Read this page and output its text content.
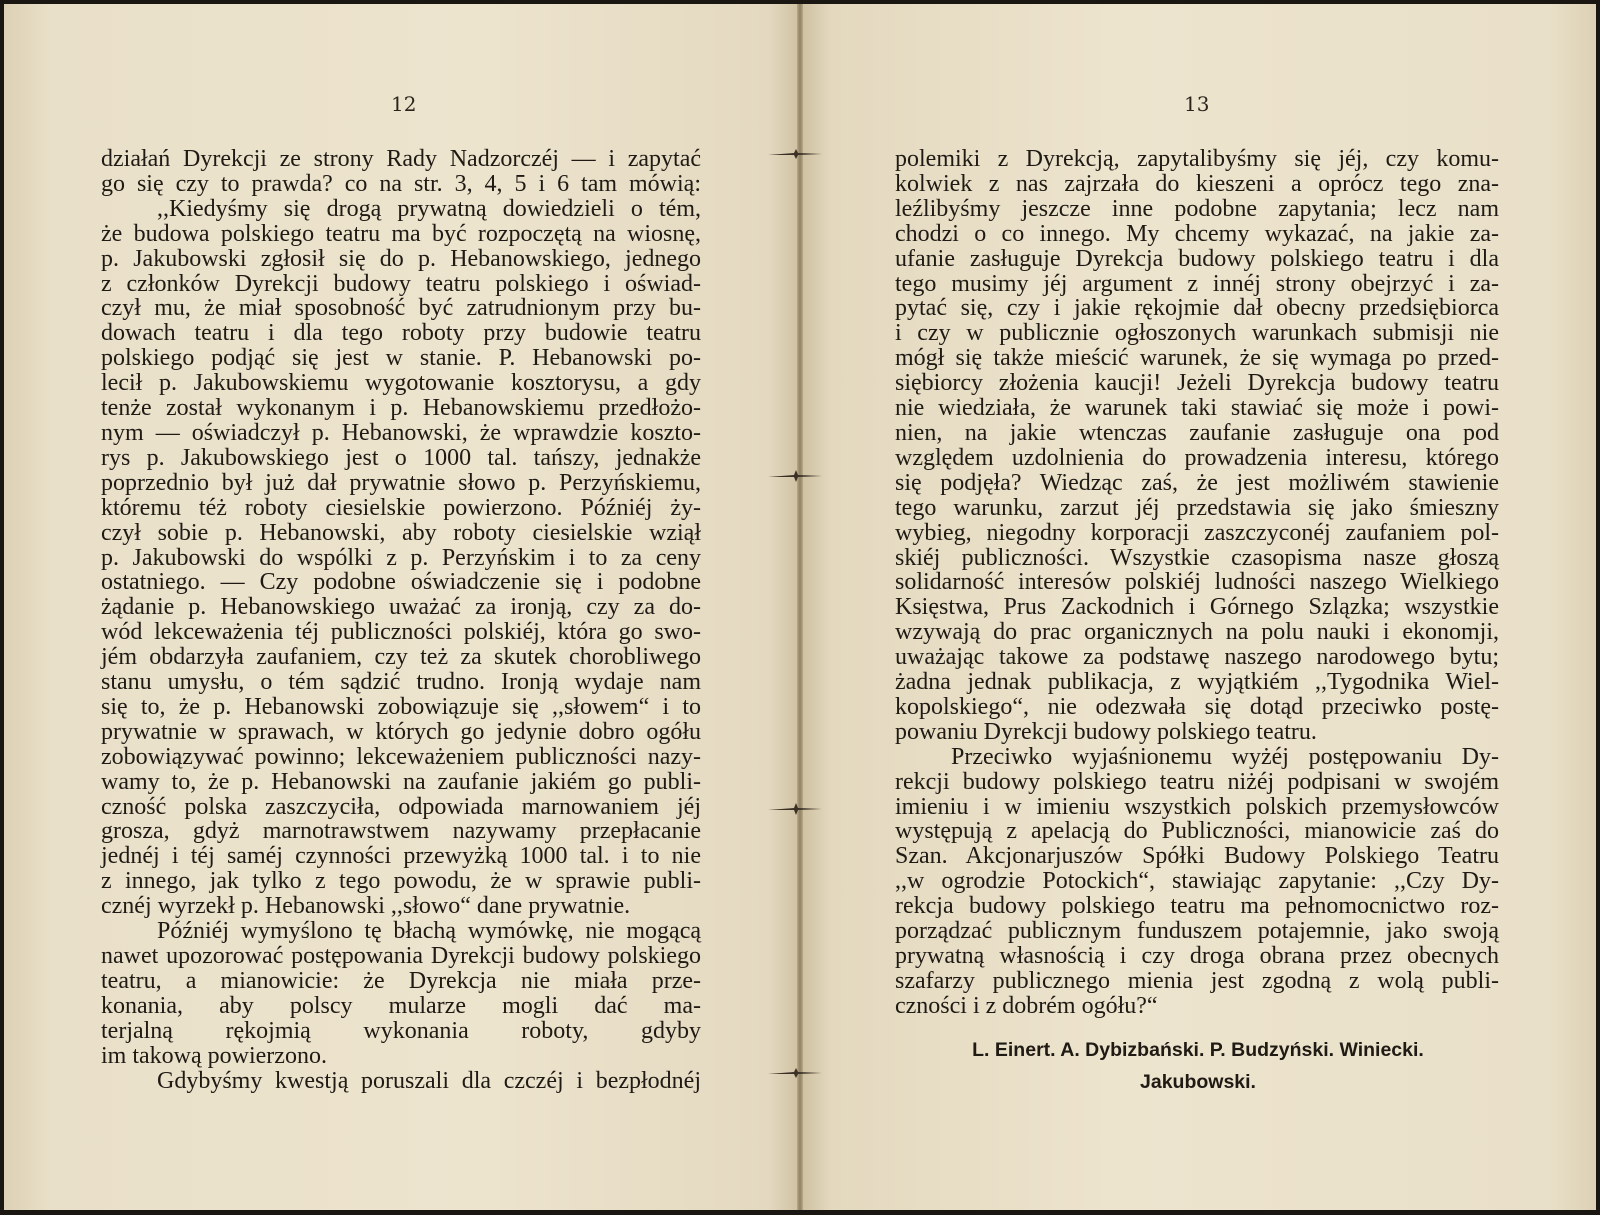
12
działań Dyrekcji ze strony Rady Nadzorczéj — i zapytać
go się czy to prawda? co na str. 3, 4, 5 i 6 tam mówią:
,,Kiedyśmy się drogą prywatną dowiedzieli o tém,
że budowa polskiego teatru ma być rozpoczętą na wiosnę,
p. Jakubowski zgłosił się do p. Hebanowskiego, jednego
z członków Dyrekcji budowy teatru polskiego i oświad-
czył mu, że miał sposobność być zatrudnionym przy bu-
dowach teatru i dla tego roboty przy budowie teatru
polskiego podjąć się jest w stanie. P. Hebanowski po-
lecił p. Jakubowskiemu wygotowanie kosztorysu, a gdy
tenże został wykonanym i p. Hebanowskiemu przedłożo-
nym — oświadczył p. Hebanowski, że wprawdzie koszto-
rys p. Jakubowskiego jest o 1000 tal. tańszy, jednakże
poprzednio był już dał prywatnie słowo p. Perzyńskiemu,
któremu téż roboty ciesielskie powierzono. Późniéj ży-
czył sobie p. Hebanowski, aby roboty ciesielskie wziął
p. Jakubowski do wspólki z p. Perzyńskim i to za ceny
ostatniego. — Czy podobne oświadczenie się i podobne
żądanie p. Hebanowskiego uważać za ironją, czy za do-
wód lekceważenia téj publiczności polskiéj, która go swo-
jém obdarzyła zaufaniem, czy też za skutek chorobliwego
stanu umysłu, o tém sądzić trudno. Ironją wydaje nam
się to, że p. Hebanowski zobowiązuje się ,,słowem“ i to
prywatnie w sprawach, w których go jedynie dobro ogółu
zobowiązywać powinno; lekceważeniem publiczności nazy-
wamy to, że p. Hebanowski na zaufanie jakiém go publi-
czność polska zaszczyciła, odpowiada marnowaniem jéj
grosza, gdyż marnotrawstwem nazywamy przepłacanie
jednéj i téj saméj czynności przewyżką 1000 tal. i to nie
z innego, jak tylko z tego powodu, że w sprawie publi-
cznéj wyrzekł p. Hebanowski ,,słowo“ dane prywatnie.
Późniéj wymyślono tę błachą wymówkę, nie mogącą
nawet upozorować postępowania Dyrekcji budowy polskiego
teatru, a mianowicie: że Dyrekcja nie miała prze-
konania, aby polscy mularze mogli dać ma-
terjalną rękojmią wykonania roboty, gdyby
im takową powierzono.
Gdybyśmy kwestją poruszali dla czczéj i bezpłodnéj
13
polemiki z Dyrekcją, zapytalibyśmy się jéj, czy komu-
kolwiek z nas zajrzała do kieszeni a oprócz tego zna-
leźlibyśmy jeszcze inne podobne zapytania; lecz nam
chodzi o co innego. My chcemy wykazać, na jakie za-
ufanie zasługuje Dyrekcja budowy polskiego teatru i dla
tego musimy jéj argument z innéj strony obejrzyć i za-
pytać się, czy i jakie rękojmie dał obecny przedsiębiorca
i czy w publicznie ogłoszonych warunkach submisji nie
mógł się także mieścić warunek, że się wymaga po przed-
siębiorcy złożenia kaucji! Jeżeli Dyrekcja budowy teatru
nie wiedziała, że warunek taki stawiać się może i powi-
nien, na jakie wtenczas zaufanie zasługuje ona pod
względem uzdolnienia do prowadzenia interesu, którego
się podjęła? Wiedząc zaś, że jest możliwém stawienie
tego warunku, zarzut jéj przedstawia się jako śmieszny
wybieg, niegodny korporacji zaszczyconéj zaufaniem pol-
skiéj publiczności. Wszystkie czasopisma nasze głoszą
solidarność interesów polskiéj ludności naszego Wielkiego
Księstwa, Prus Zackodnich i Górnego Szlązka; wszystkie
wzywają do prac organicznych na polu nauki i ekonomji,
uważając takowe za podstawę naszego narodowego bytu;
żadna jednak publikacja, z wyjątkiém ,,Tygodnika Wiel-
kopolskiego“, nie odezwała się dotąd przeciwko postę-
powaniu Dyrekcji budowy polskiego teatru.
Przeciwko wyjaśnionemu wyżéj postępowaniu Dy-
rekcji budowy polskiego teatru niżéj podpisani w swojém
imieniu i w imieniu wszystkich polskich przemysłowców
występują z apelacją do Publiczności, mianowicie zaś do
Szan. Akcjonarjuszów Spółki Budowy Polskiego Teatru
,,w ogrodzie Potockich“, stawiając zapytanie: ,,Czy Dy-
rekcja budowy polskiego teatru ma pełnomocnictwo roz-
porządzać publicznym funduszem potajemnie, jako swoją
prywatną własnością i czy droga obrana przez obecnych
szafarzy publicznego mienia jest zgodną z wolą publi-
czności i z dobrém ogółu?“
L. Einert. A. Dybizbański. P. Budzyński. Winiecki.
Jakubowski.
